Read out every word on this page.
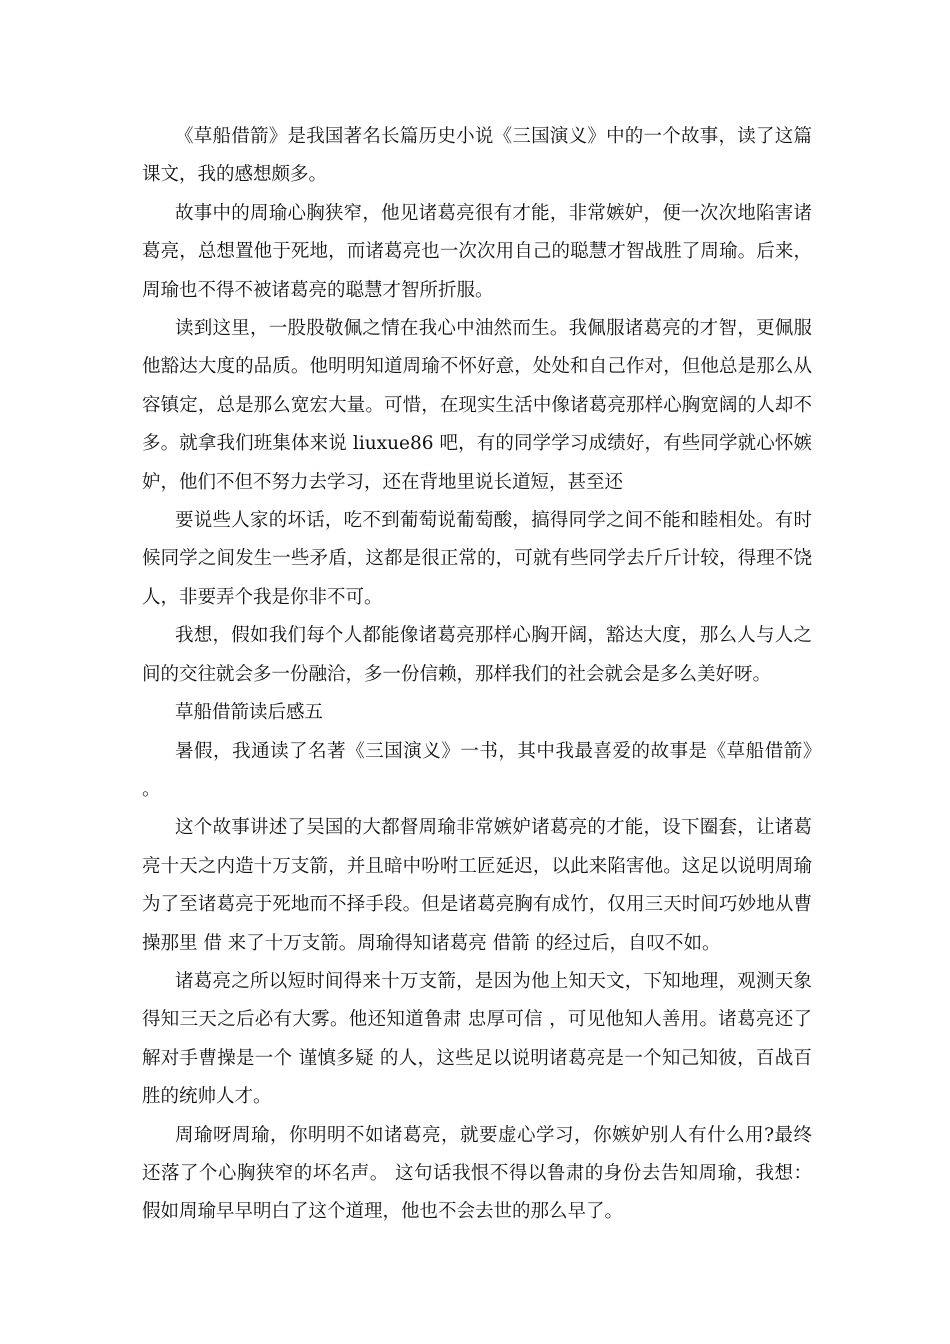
《草船借箭》是我国著名长篇历史小说《三国演义》中的一个故事，读了这篇课文，我的感想颇多。

故事中的周瑜心胸狭窄，他见诸葛亮很有才能，非常嫉妒，便一次次地陷害诸葛亮，总想置他于死地，而诸葛亮也一次次用自己的聪慧才智战胜了周瑜。后来，周瑜也不得不被诸葛亮的聪慧才智所折服。

读到这里，一股股敬佩之情在我心中油然而生。我佩服诸葛亮的才智，更佩服他豁达大度的品质。他明明知道周瑜不怀好意，处处和自己作对，但他总是那么从容镇定，总是那么宽宏大量。可惜，在现实生活中像诸葛亮那样心胸宽阔的人却不多。就拿我们班集体来说 liuxue86 吧，有的同学学习成绩好，有些同学就心怀嫉妒，他们不但不努力去学习，还在背地里说长道短，甚至还

要说些人家的坏话，吃不到葡萄说葡萄酸，搞得同学之间不能和睦相处。有时候同学之间发生一些矛盾，这都是很正常的，可就有些同学去斤斤计较，得理不饶人，非要弄个我是你非不可。

我想，假如我们每个人都能像诸葛亮那样心胸开阔，豁达大度，那么人与人之间的交往就会多一份融洽，多一份信赖，那样我们的社会就会是多么美好呀。

草船借箭读后感五

暑假，我通读了名著《三国演义》一书，其中我最喜爱的故事是《草船借箭》。

这个故事讲述了吴国的大都督周瑜非常嫉妒诸葛亮的才能，设下圈套，让诸葛亮十天之内造十万支箭，并且暗中吩咐工匠延迟，以此来陷害他。这足以说明周瑜为了至诸葛亮于死地而不择手段。但是诸葛亮胸有成竹，仅用三天时间巧妙地从曹操那里 借 来了十万支箭。周瑜得知诸葛亮 借箭 的经过后，自叹不如。

诸葛亮之所以短时间得来十万支箭，是因为他上知天文，下知地理，观测天象得知三天之后必有大雾。他还知道鲁肃 忠厚可信 ，可见他知人善用。诸葛亮还了解对手曹操是一个 谨慎多疑 的人，这些足以说明诸葛亮是一个知己知彼，百战百胜的统帅人才。

周瑜呀周瑜，你明明不如诸葛亮，就要虚心学习，你嫉妒别人有什么用?最终还落了个心胸狭窄的坏名声。 这句话我恨不得以鲁肃的身份去告知周瑜，我想：假如周瑜早早明白了这个道理，他也不会去世的那么早了。
